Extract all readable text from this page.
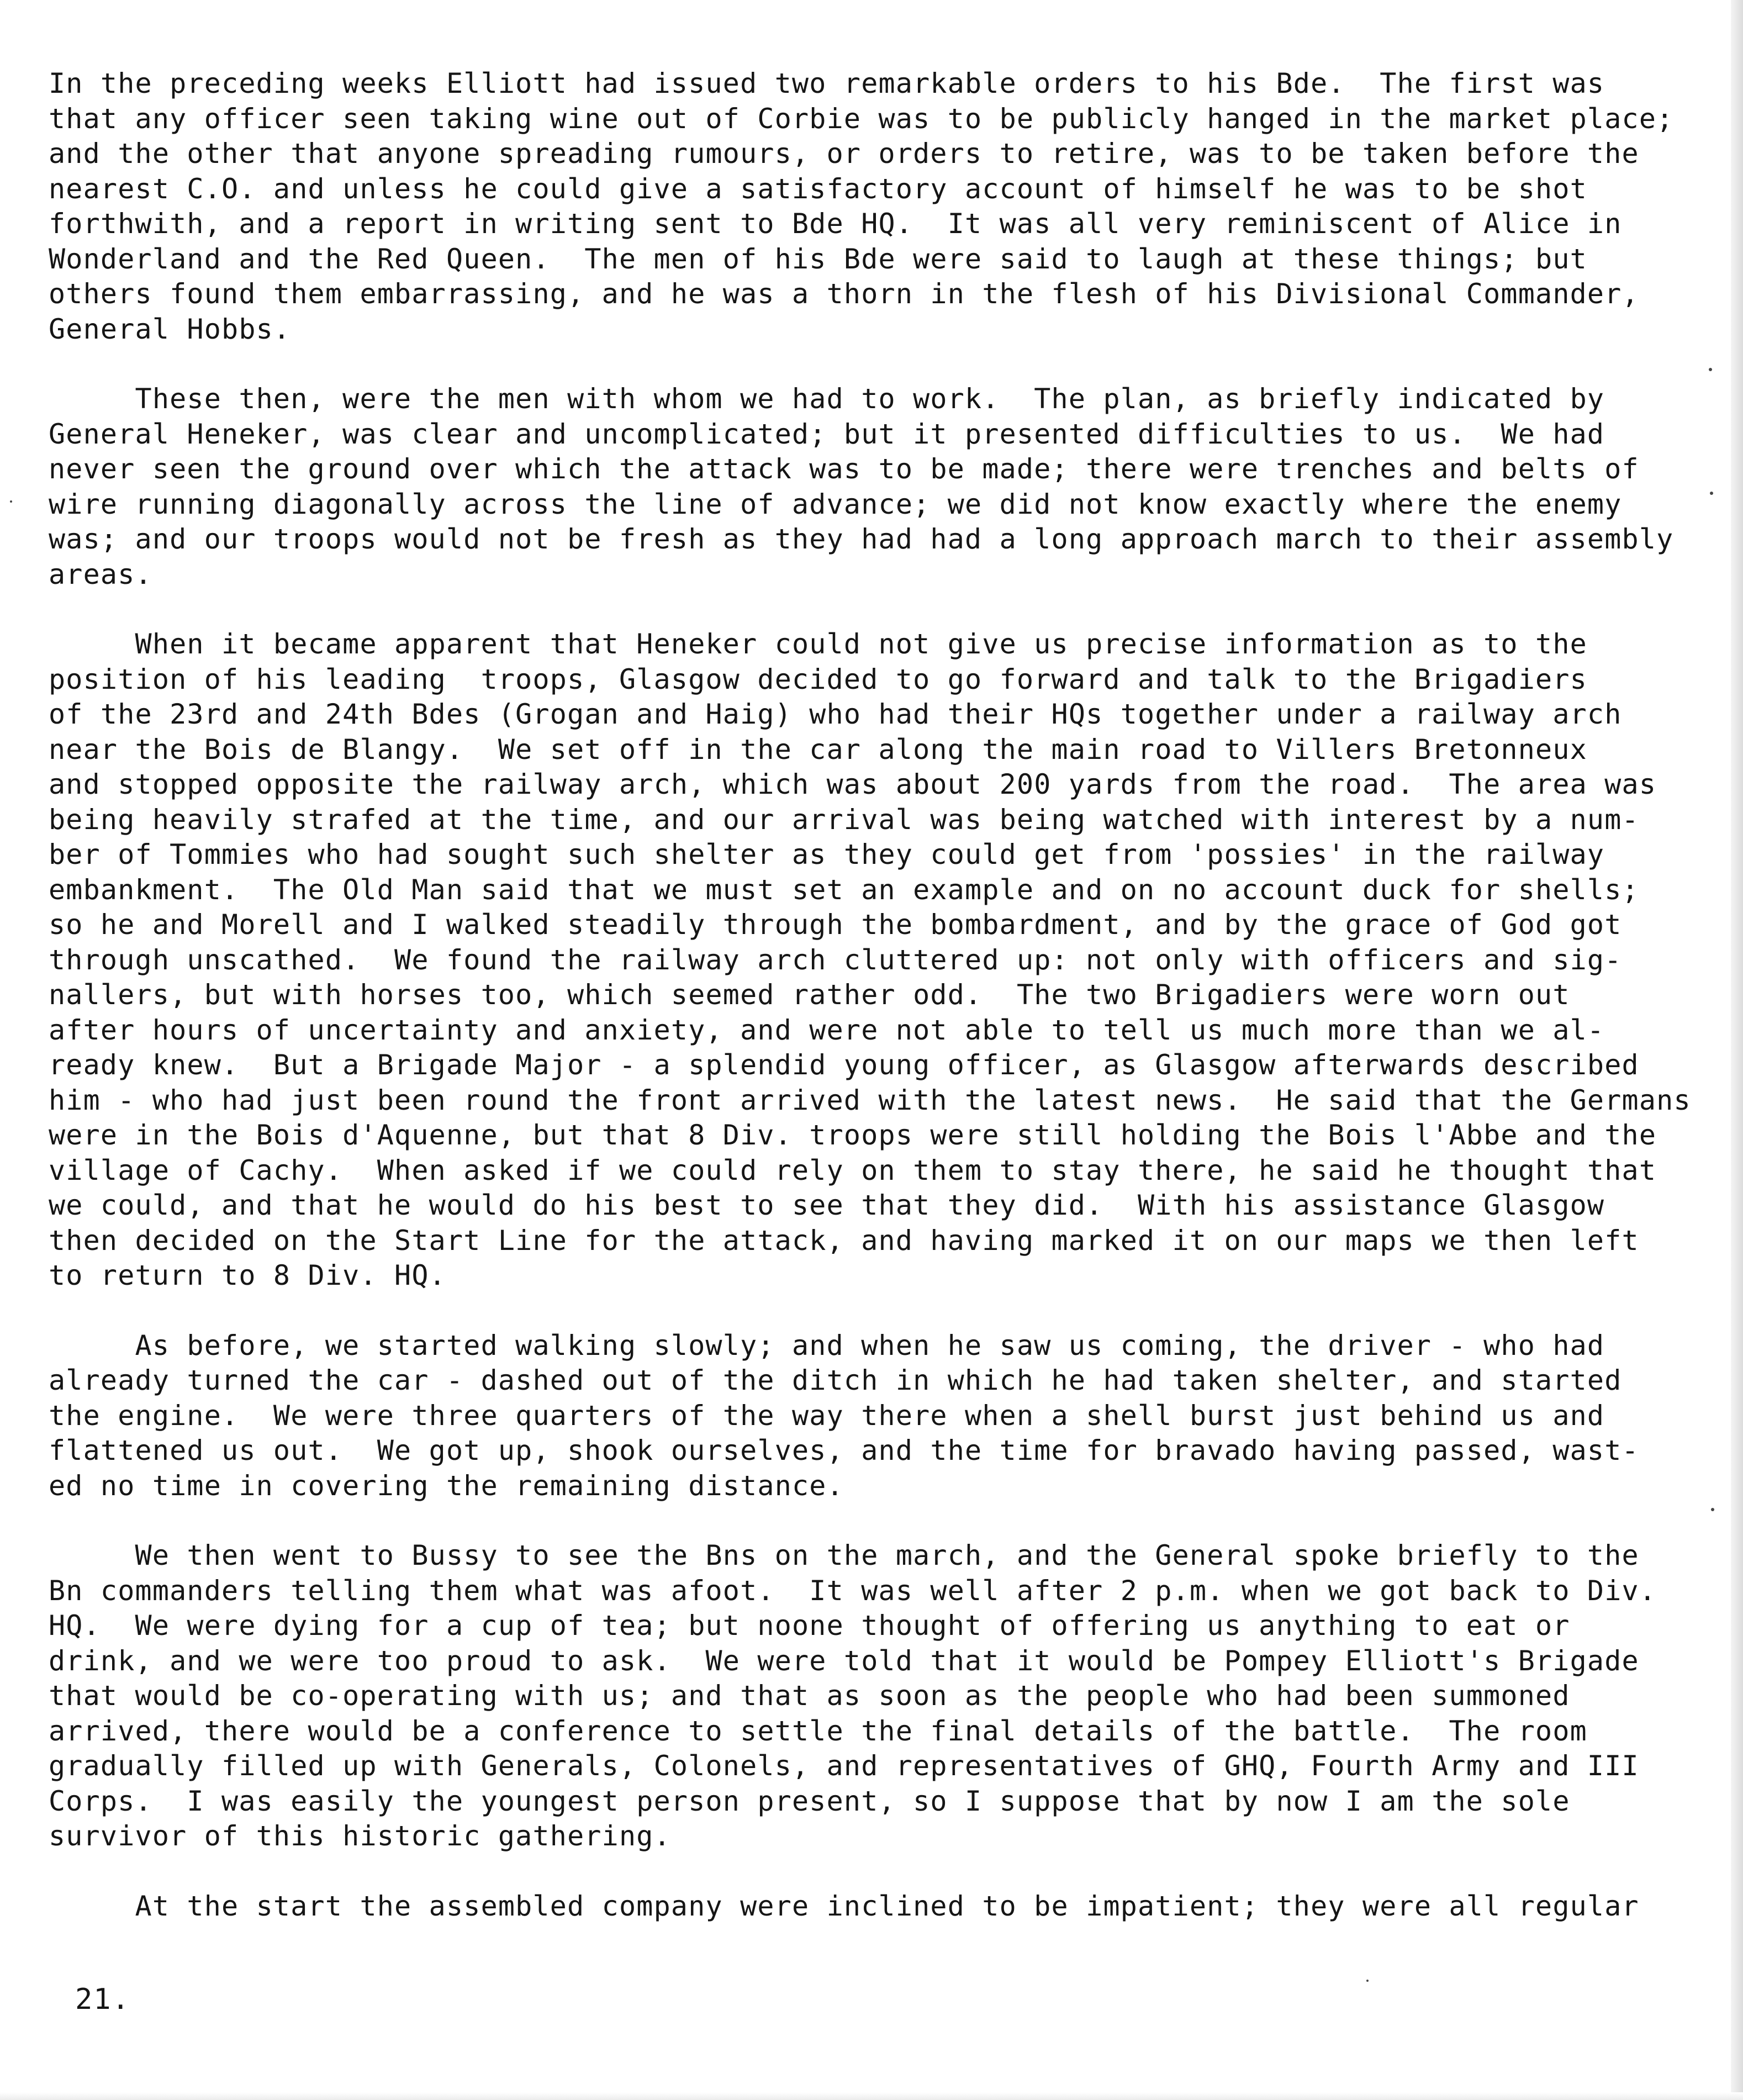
In the preceding weeks Elliott had issued two remarkable orders to his Bde.  The first was
that any officer seen taking wine out of Corbie was to be publicly hanged in the market place;
and the other that anyone spreading rumours, or orders to retire, was to be taken before the
nearest C.O. and unless he could give a satisfactory account of himself he was to be shot
forthwith, and a report in writing sent to Bde HQ.  It was all very reminiscent of Alice in
Wonderland and the Red Queen.  The men of his Bde were said to laugh at these things; but
others found them embarrassing, and he was a thorn in the flesh of his Divisional Commander,
General Hobbs.

These then, were the men with whom we had to work.  The plan, as briefly indicated by
General Heneker, was clear and uncomplicated; but it presented difficulties to us.  We had
never seen the ground over which the attack was to be made; there were trenches and belts of
wire running diagonally across the line of advance; we did not know exactly where the enemy
was; and our troops would not be fresh as they had had a long approach march to their assembly
areas.

When it became apparent that Heneker could not give us precise information as to the
position of his leading  troops, Glasgow decided to go forward and talk to the Brigadiers
of the 23rd and 24th Bdes (Grogan and Haig) who had their HQs together under a railway arch
near the Bois de Blangy.  We set off in the car along the main road to Villers Bretonneux
and stopped opposite the railway arch, which was about 200 yards from the road.  The area was
being heavily strafed at the time, and our arrival was being watched with interest by a num-
ber of Tommies who had sought such shelter as they could get from 'possies' in the railway
embankment.  The Old Man said that we must set an example and on no account duck for shells;
so he and Morell and I walked steadily through the bombardment, and by the grace of God got
through unscathed.  We found the railway arch cluttered up: not only with officers and sig-
nallers, but with horses too, which seemed rather odd.  The two Brigadiers were worn out
after hours of uncertainty and anxiety, and were not able to tell us much more than we al-
ready knew.  But a Brigade Major - a splendid young officer, as Glasgow afterwards described
him - who had just been round the front arrived with the latest news.  He said that the Germans
were in the Bois d'Aquenne, but that 8 Div. troops were still holding the Bois l'Abbe and the
village of Cachy.  When asked if we could rely on them to stay there, he said he thought that
we could, and that he would do his best to see that they did.  With his assistance Glasgow
then decided on the Start Line for the attack, and having marked it on our maps we then left
to return to 8 Div. HQ.

As before, we started walking slowly; and when he saw us coming, the driver - who had
already turned the car - dashed out of the ditch in which he had taken shelter, and started
the engine.  We were three quarters of the way there when a shell burst just behind us and
flattened us out.  We got up, shook ourselves, and the time for bravado having passed, wast-
ed no time in covering the remaining distance.

We then went to Bussy to see the Bns on the march, and the General spoke briefly to the
Bn commanders telling them what was afoot.  It was well after 2 p.m. when we got back to Div.
HQ.  We were dying for a cup of tea; but noone thought of offering us anything to eat or
drink, and we were too proud to ask.  We were told that it would be Pompey Elliott's Brigade
that would be co-operating with us; and that as soon as the people who had been summoned
arrived, there would be a conference to settle the final details of the battle.  The room
gradually filled up with Generals, Colonels, and representatives of GHQ, Fourth Army and III
Corps.  I was easily the youngest person present, so I suppose that by now I am the sole
survivor of this historic gathering.

At the start the assembled company were inclined to be impatient; they were all regular

21.
